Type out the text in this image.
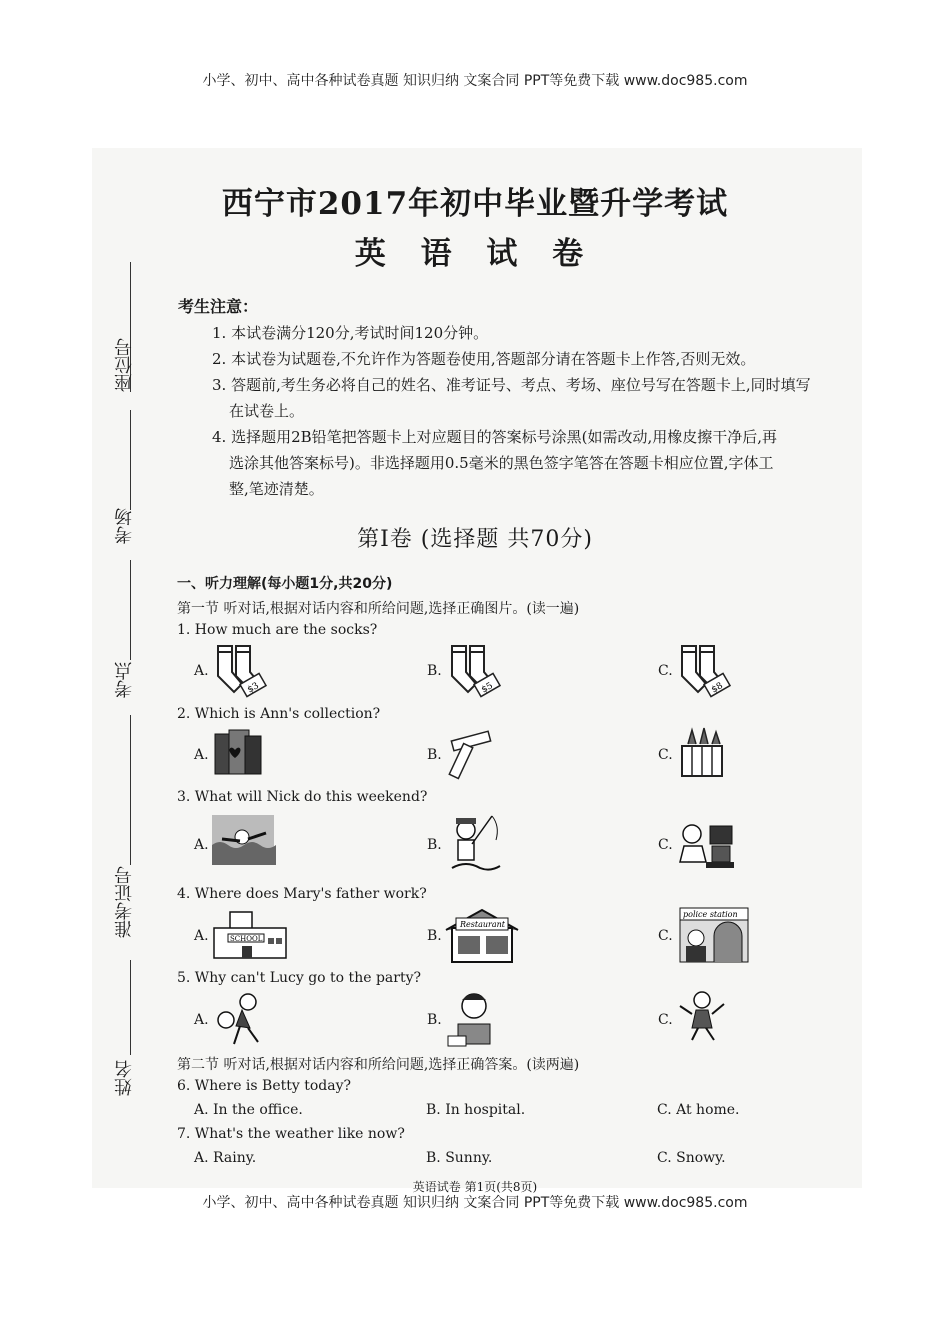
小学、初中、高中各种试卷真题 知识归纳 文案合同 PPT等免费下载 www.doc985.com
小学、初中、高中各种试卷真题 知识归纳 文案合同 PPT等免费下载 www.doc985.com
座位号
考场
考点
准考证号
姓名
西宁市2017年初中毕业暨升学考试
英 语 试 卷
考生注意：
1. 本试卷满分120分,考试时间120分钟。
2. 本试卷为试题卷,不允许作为答题卷使用,答题部分请在答题卡上作答,否则无效。
3. 答题前,考生务必将自己的姓名、准考证号、考点、考场、座位号写在答题卡上,同时填写
在试卷上。
4. 选择题用2B铅笔把答题卡上对应题目的答案标号涂黑(如需改动,用橡皮擦干净后,再
选涂其他答案标号)。非选择题用0.5毫米的黑色签字笔答在答题卡相应位置,字体工
整,笔迹清楚。
第Ⅰ卷 (选择题 共70分)
一、听力理解(每小题1分,共20分)
第一节 听对话,根据对话内容和所给问题,选择正确图片。(读一遍)
1. How much are the socks?
A.	B.	C.
$3	$5	$8
2. Which is Ann's collection?
A.	B.	C.
3. What will Nick do this weekend?
A.	B.	C.
4. Where does Mary's father work?
A.	B.	C.
SCHOOL
Restaurant
police station
5. Why can't Lucy go to the party?
A.	B.	C.
第二节 听对话,根据对话内容和所给问题,选择正确答案。(读两遍)
6. Where is Betty today?
A. In the office.	B. In hospital.	C. At home.
7. What's the weather like now?
A. Rainy.	B. Sunny.	C. Snowy.
英语试卷 第1页(共8页)
